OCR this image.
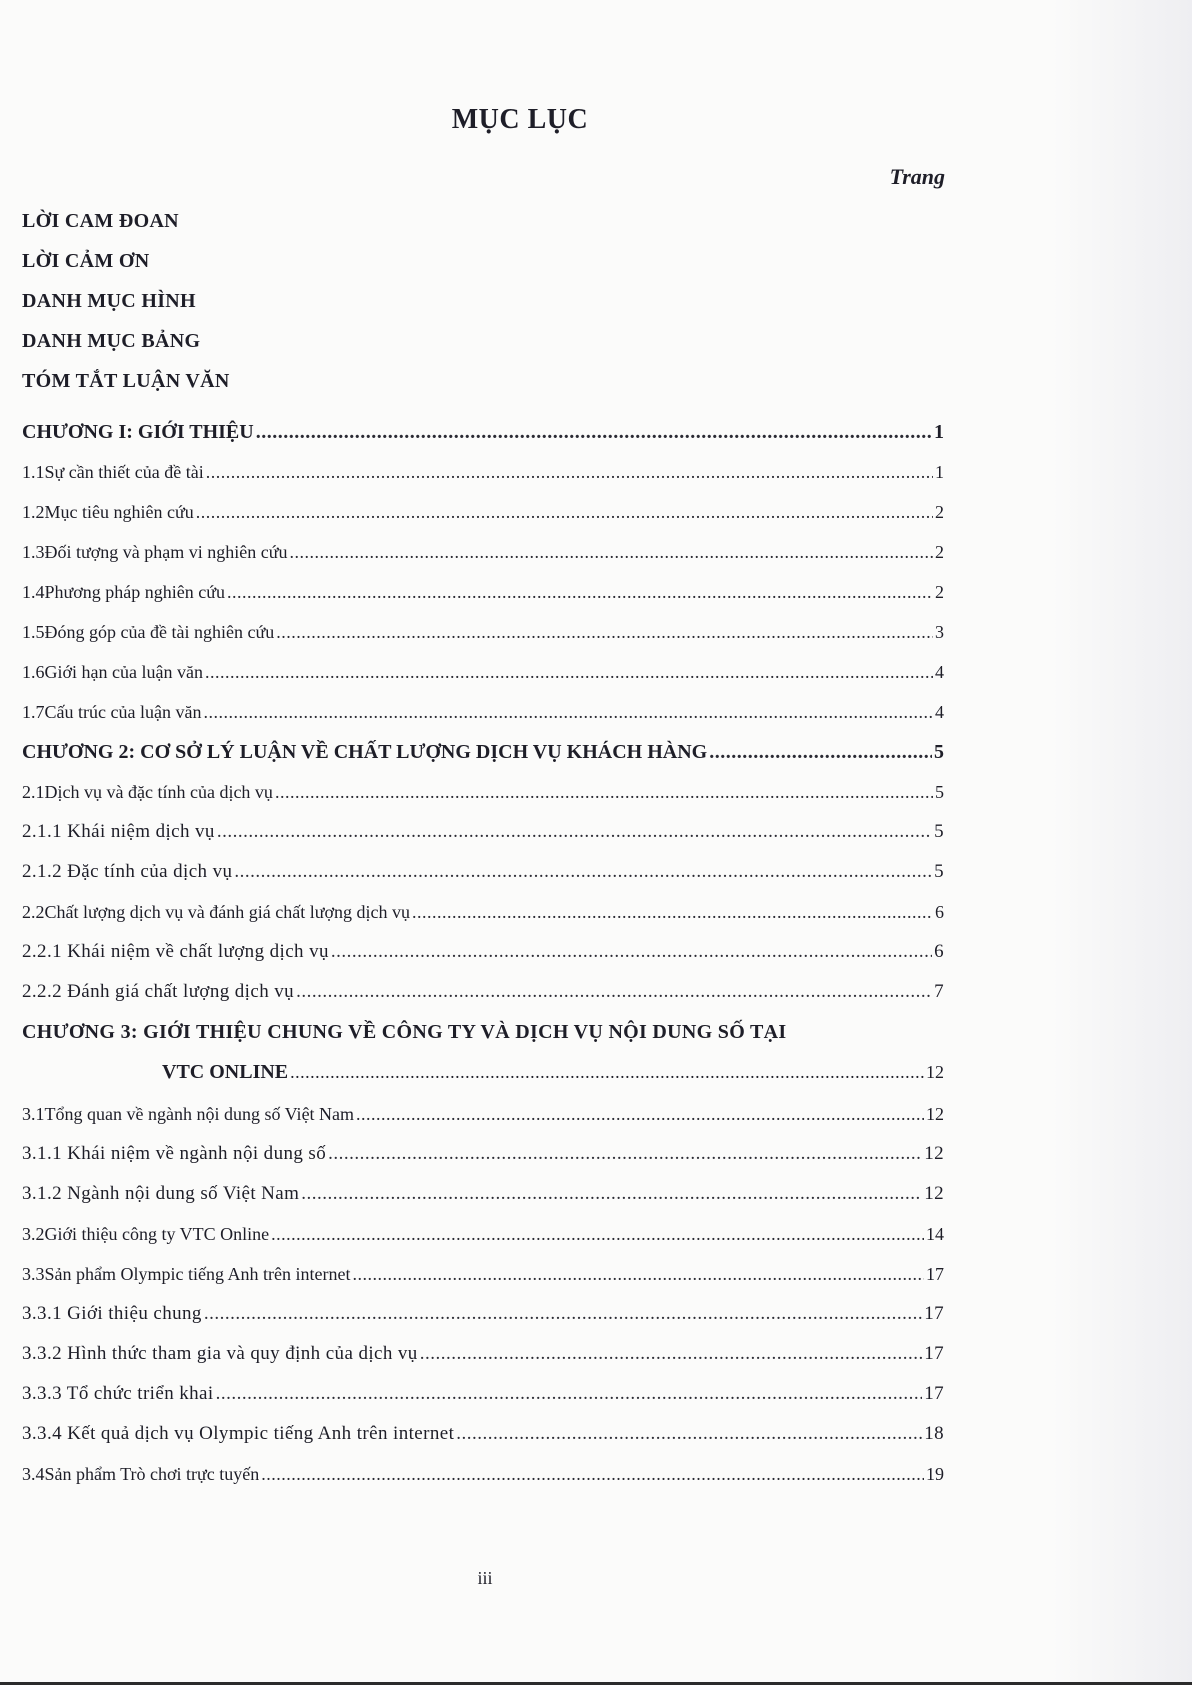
MỤC LỤC
Trang
LỜI CAM ĐOAN
LỜI CẢM ƠN
DANH MỤC HÌNH
DANH MỤC BẢNG
TÓM TẮT LUẬN VĂN
CHƯƠNG I: GIỚI THIỆU .....	1
1.1Sự cần thiết của đề tài .....	1
1.2Mục tiêu nghiên cứu .....	2
1.3Đối tượng và phạm vi nghiên cứu .....	2
1.4Phương pháp nghiên cứu .....	2
1.5Đóng góp của đề tài nghiên cứu .....	3
1.6Giới hạn của luận văn .....	4
1.7Cấu trúc của luận văn .....	4
CHƯƠNG 2: CƠ SỞ LÝ LUẬN VỀ CHẤT LƯỢNG DỊCH VỤ KHÁCH HÀNG .....	5
2.1Dịch vụ và đặc tính của dịch vụ .....	5
2.1.1 Khái niệm dịch vụ .....	5
2.1.2 Đặc tính của dịch vụ .....	5
2.2Chất lượng dịch vụ và đánh giá chất lượng dịch vụ .....	6
2.2.1 Khái niệm về chất lượng dịch vụ .....	6
2.2.2 Đánh giá chất lượng dịch vụ .....	7
CHƯƠNG 3: GIỚI THIỆU CHUNG VỀ CÔNG TY VÀ DỊCH VỤ NỘI DUNG SỐ TẠI
VTC ONLINE .....	12
3.1Tổng quan về ngành nội dung số Việt Nam .....	12
3.1.1 Khái niệm về ngành nội dung số .....	12
3.1.2 Ngành nội dung số Việt Nam .....	12
3.2Giới thiệu công ty VTC Online .....	14
3.3Sản phẩm Olympic tiếng Anh trên internet .....	17
3.3.1 Giới thiệu chung .....	17
3.3.2 Hình thức tham gia và quy định của dịch vụ .....	17
3.3.3 Tổ chức triển khai .....	17
3.3.4 Kết quả dịch vụ Olympic tiếng Anh trên internet .....	18
3.4Sản phẩm Trò chơi trực tuyến .....	19
iii
